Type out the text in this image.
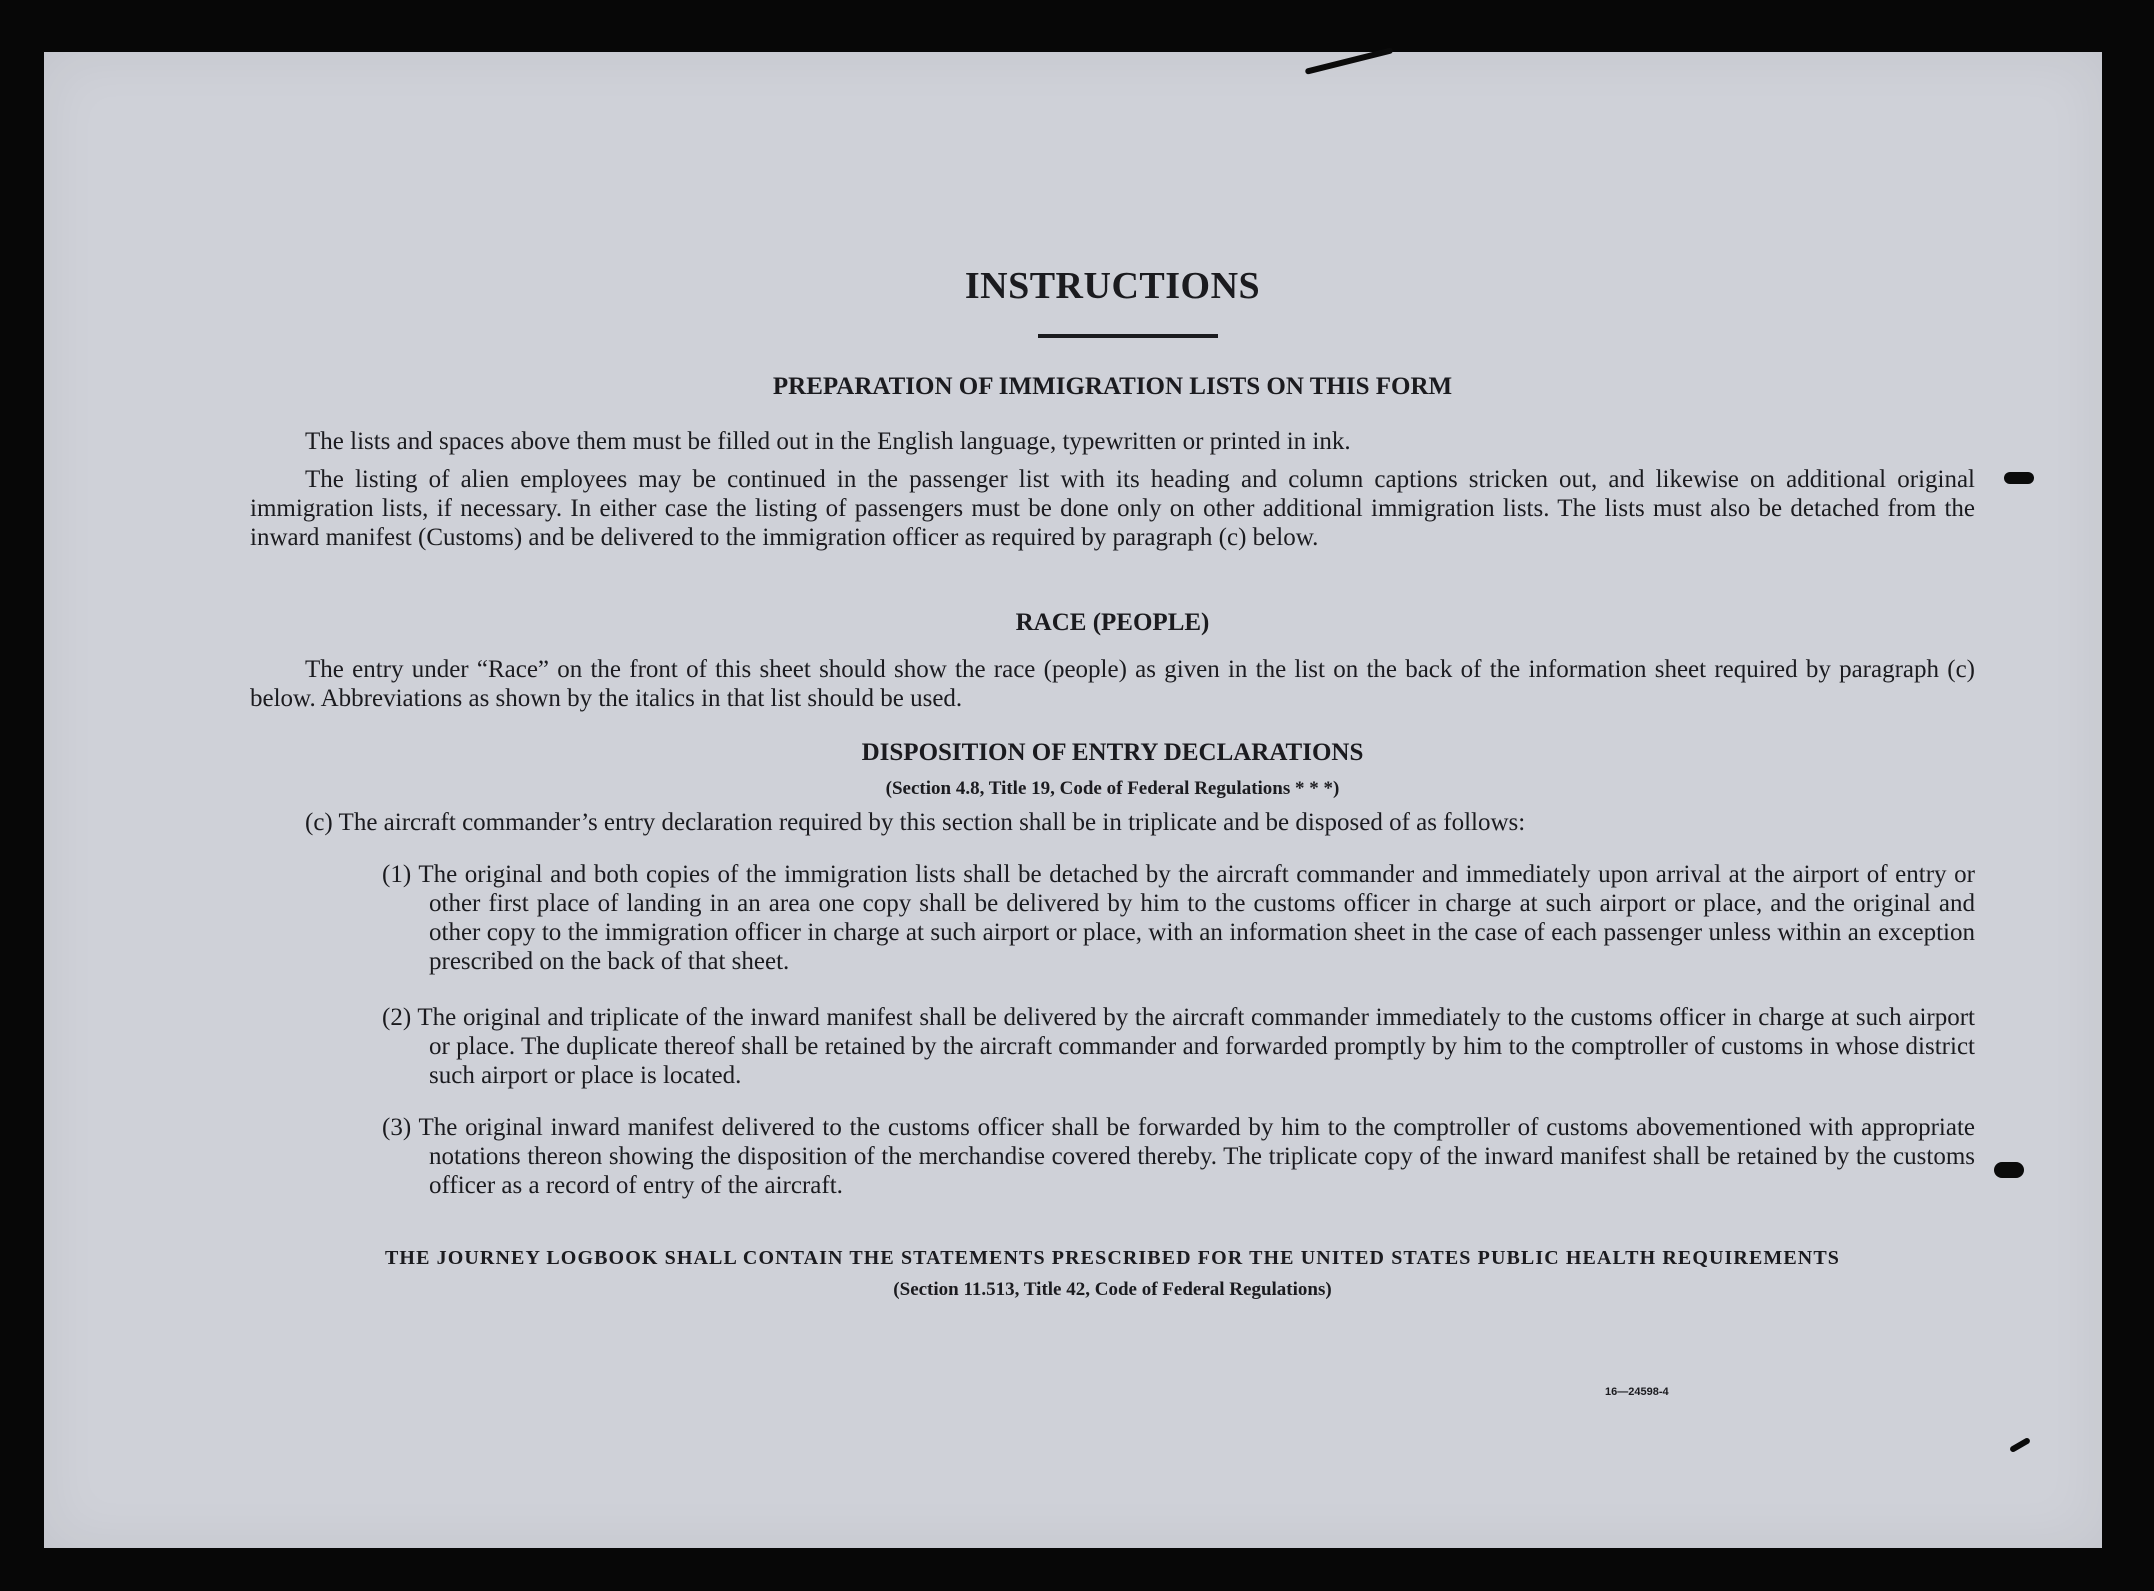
INSTRUCTIONS
PREPARATION OF IMMIGRATION LISTS ON THIS FORM
The lists and spaces above them must be filled out in the English language, typewritten or printed in ink.
The listing of alien employees may be continued in the passenger list with its heading and column captions stricken out, and likewise on additional original immigration lists, if necessary. In either case the listing of passengers must be done only on other additional immigration lists. The lists must also be detached from the inward manifest (Customs) and be delivered to the immigration officer as required by paragraph (c) below.
RACE (PEOPLE)
The entry under “Race” on the front of this sheet should show the race (people) as given in the list on the back of the information sheet required by paragraph (c) below. Abbreviations as shown by the italics in that list should be used.
DISPOSITION OF ENTRY DECLARATIONS
(Section 4.8, Title 19, Code of Federal Regulations * * *)
(c) The aircraft commander’s entry declaration required by this section shall be in triplicate and be disposed of as follows:
(1) The original and both copies of the immigration lists shall be detached by the aircraft commander and immediately upon arrival at the airport of entry or other first place of landing in an area one copy shall be delivered by him to the customs officer in charge at such airport or place, and the original and other copy to the immigration officer in charge at such airport or place, with an information sheet in the case of each passenger unless within an exception prescribed on the back of that sheet.
(2) The original and triplicate of the inward manifest shall be delivered by the aircraft commander immediately to the customs officer in charge at such airport or place. The duplicate thereof shall be retained by the aircraft commander and forwarded promptly by him to the comptroller of customs in whose district such airport or place is located.
(3) The original inward manifest delivered to the customs officer shall be forwarded by him to the comptroller of customs abovementioned with appropriate notations thereon showing the disposition of the merchandise covered thereby. The triplicate copy of the inward manifest shall be retained by the customs officer as a record of entry of the aircraft.
THE JOURNEY LOGBOOK SHALL CONTAIN THE STATEMENTS PRESCRIBED FOR THE UNITED STATES PUBLIC HEALTH REQUIREMENTS
(Section 11.513, Title 42, Code of Federal Regulations)
16—24598-4
